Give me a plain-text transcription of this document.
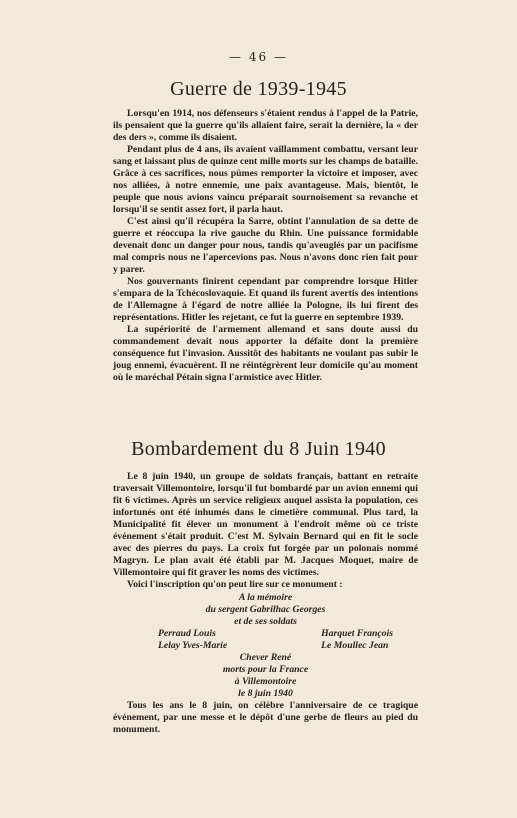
— 46 —
Guerre de 1939-1945

Lorsqu'en 1914, nos défenseurs s'étaient rendus à l'appel de la Patrie, ils pensaient que la guerre qu'ils allaient faire, serait la dernière, la « der des ders », comme ils disaient.

Pendant plus de 4 ans, ils avaient vaillamment combattu, versant leur sang et laissant plus de quinze cent mille morts sur les champs de bataille. Grâce à ces sacrifices, nous pûmes remporter la victoire et imposer, avec nos alliées, à notre ennemie, une paix avantageuse. Mais, bientôt, le peuple que nous avions vaincu préparait sournoisement sa revanche et lorsqu'il se sentit assez fort, il parla haut.

C'est ainsi qu'il récupéra la Sarre, obtint l'annulation de sa dette de guerre et réoccupa la rive gauche du Rhin. Une puissance formidable devenait donc un danger pour nous, tandis qu'aveuglés par un pacifisme mal compris nous ne l'apercevions pas. Nous n'avons donc rien fait pour y parer.

Nos gouvernants finirent cependant par comprendre lorsque Hitler s'empara de la Tchécoslovaquie. Et quand ils furent avertis des intentions de l'Allemagne à l'égard de notre alliée la Pologne, ils lui firent des représentations. Hitler les rejetant, ce fut la guerre en septembre 1939.

La supériorité de l'armement allemand et sans doute aussi du commandement devait nous apporter la défaite dont la première conséquence fut l'invasion. Aussitôt des habitants ne voulant pas subir le joug ennemi, évacuèrent. Il ne réintégrèrent leur domicile qu'au moment où le maréchal Pétain signa l'armistice avec Hitler.

Bombardement du 8 Juin 1940

Le 8 juin 1940, un groupe de soldats français, battant en retraite traversait Villemontoire, lorsqu'il fut bombardé par un avion ennemi qui fit 6 victimes. Après un service religieux auquel assista la population, ces infortunés ont été inhumés dans le cimetière communal. Plus tard, la Municipalité fit élever un monument à l'endroit même où ce triste événement s'était produit. C'est M. Sylvain Bernard qui en fit le socle avec des pierres du pays. La croix fut forgée par un polonais nommé Magryn. Le plan avait été établi par M. Jacques Moquet, maire de Villemontoire qui fit graver les noms des victimes.

Voici l'inscription qu'on peut lire sur ce monument :

A la mémoire
du sergent Gabrilhac Georges
et de ses soldats
Perraud Louis
Lelay Yves-Marie
Harquet François
Le Moullec Jean
Chever René
morts pour la France
à Villemontoire
le 8 juin 1940

Tous les ans le 8 juin, on célèbre l'anniversaire de ce tragique événement, par une messe et le dépôt d'une gerbe de fleurs au pied du monument.
